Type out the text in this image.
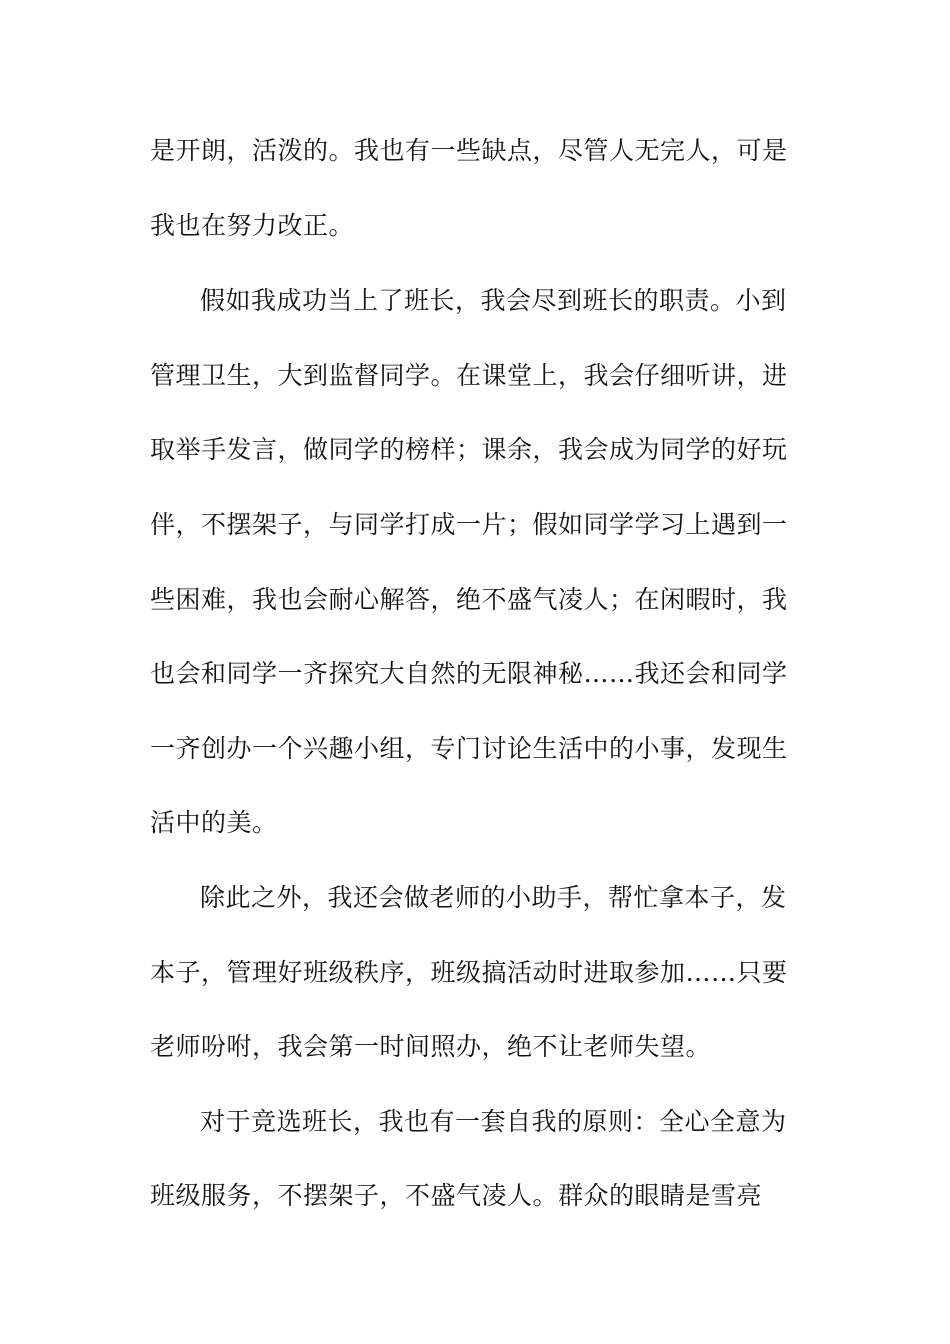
是开朗，活泼的。我也有一些缺点，尽管人无完人，可是
我也在努力改正。
假如我成功当上了班长，我会尽到班长的职责。小到
管理卫生，大到监督同学。在课堂上，我会仔细听讲，进
取举手发言，做同学的榜样；课余，我会成为同学的好玩
伴，不摆架子，与同学打成一片；假如同学学习上遇到一
些困难，我也会耐心解答，绝不盛气凌人；在闲暇时，我
也会和同学一齐探究大自然的无限神秘……我还会和同学
一齐创办一个兴趣小组，专门讨论生活中的小事，发现生
活中的美。
除此之外，我还会做老师的小助手，帮忙拿本子，发
本子，管理好班级秩序，班级搞活动时进取参加……只要
老师吩咐，我会第一时间照办，绝不让老师失望。
对于竞选班长，我也有一套自我的原则：全心全意为
班级服务，不摆架子，不盛气凌人。群众的眼睛是雪亮
